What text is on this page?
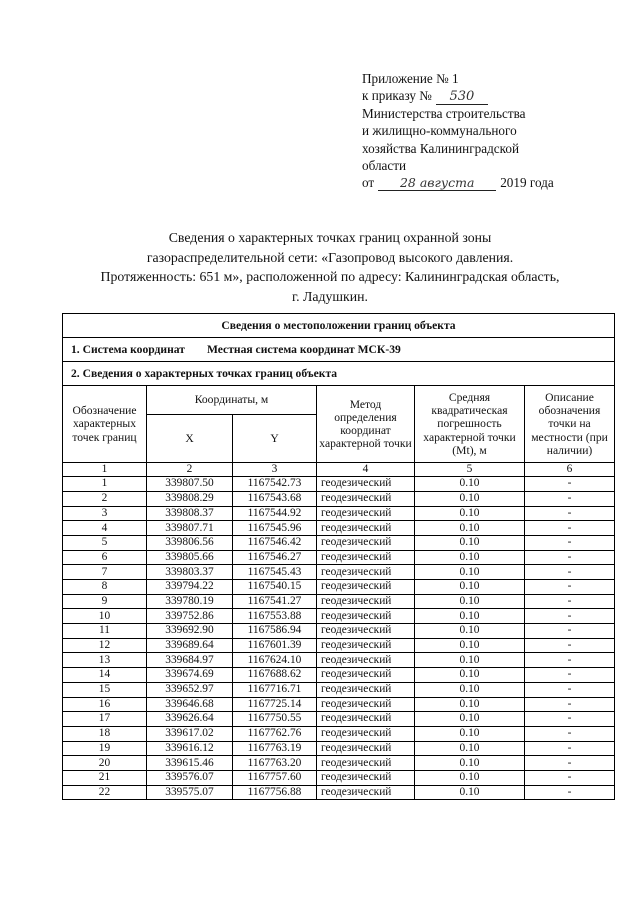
Приложение № 1
к приказу № 530
Министерства строительства
и жилищно-коммунального
хозяйства Калининградской
области
от 28 августа 2019 года
Сведения о характерных точках границ охранной зоны
газораспределительной сети: «Газопровод высокого давления.
Протяженность: 651 м», расположенной по адресу: Калининградская область,
г. Ладушкин.
Сведения о местоположении границ объекта					
1. Система координат Местная система координат МСК-39					
2. Сведения о характерных точках границ объекта					
Обозначение характерных точек границ	Координаты, м		Метод определения координат характерной точки	Средняя квадратическая погрешность характерной точки (Mt), м	Описание обозначения точки на местности (при наличии)
	X	Y			
1	2	3	4	5	6
1	339807.50	1167542.73	геодезический	0.10	-
2	339808.29	1167543.68	геодезический	0.10	-
3	339808.37	1167544.92	геодезический	0.10	-
4	339807.71	1167545.96	геодезический	0.10	-
5	339806.56	1167546.42	геодезический	0.10	-
6	339805.66	1167546.27	геодезический	0.10	-
7	339803.37	1167545.43	геодезический	0.10	-
8	339794.22	1167540.15	геодезический	0.10	-
9	339780.19	1167541.27	геодезический	0.10	-
10	339752.86	1167553.88	геодезический	0.10	-
11	339692.90	1167586.94	геодезический	0.10	-
12	339689.64	1167601.39	геодезический	0.10	-
13	339684.97	1167624.10	геодезический	0.10	-
14	339674.69	1167688.62	геодезический	0.10	-
15	339652.97	1167716.71	геодезический	0.10	-
16	339646.68	1167725.14	геодезический	0.10	-
17	339626.64	1167750.55	геодезический	0.10	-
18	339617.02	1167762.76	геодезический	0.10	-
19	339616.12	1167763.19	геодезический	0.10	-
20	339615.46	1167763.20	геодезический	0.10	-
21	339576.07	1167757.60	геодезический	0.10	-
22	339575.07	1167756.88	геодезический	0.10	-
